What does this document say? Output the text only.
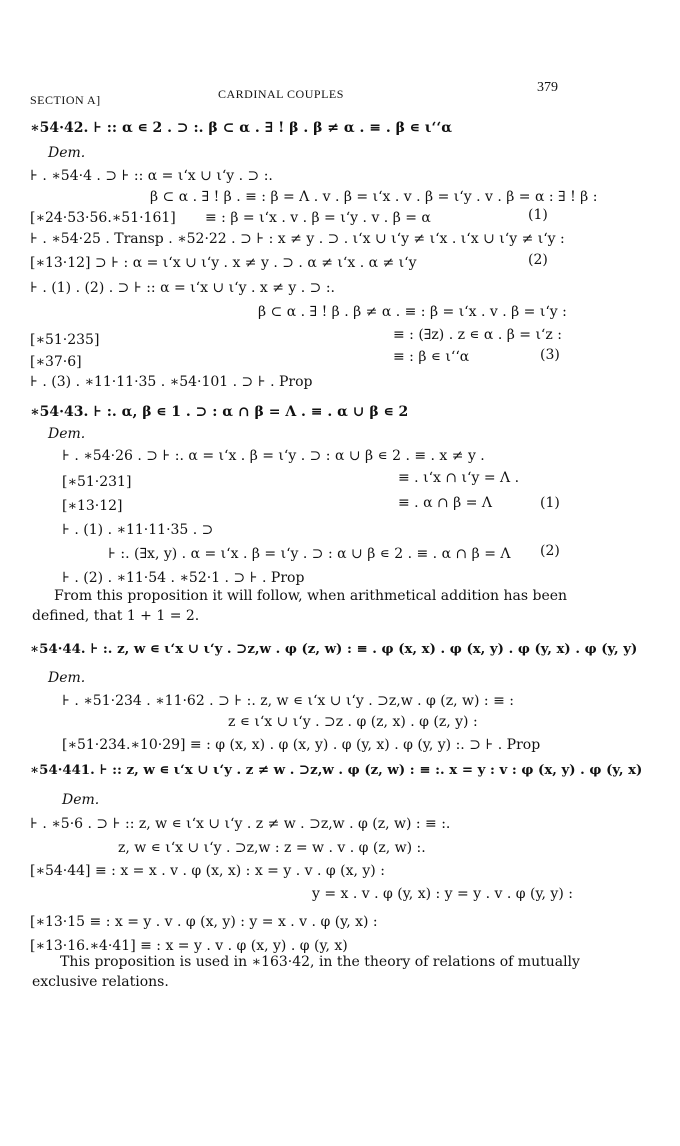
SECTION A]	CARDINAL COUPLES	379
∗54·42. ⊦ :: α ∊ 2 . ⊃ :. β ⊂ α . ∃ ! β . β ≠ α . ≡ . β ∊ ι‘‘α
Dem.
⊦ . ∗54·4 . ⊃ ⊦ :: α = ι‘x ∪ ι‘y . ⊃ :.
β ⊂ α . ∃ ! β . ≡ : β = Λ . v . β = ι‘x . v . β = ι‘y . v . β = α : ∃ ! β :
[∗24·53·56.∗51·161] ≡ : β = ι‘x . v . β = ι‘y . v . β = α	(1)
⊦ . ∗54·25 . Transp . ∗52·22 . ⊃ ⊦ : x ≠ y . ⊃ . ι‘x ∪ ι‘y ≠ ι‘x . ι‘x ∪ ι‘y ≠ ι‘y :
[∗13·12] ⊃ ⊦ : α = ι‘x ∪ ι‘y . x ≠ y . ⊃ . α ≠ ι‘x . α ≠ ι‘y	(2)
⊦ . (1) . (2) . ⊃ ⊦ :: α = ι‘x ∪ ι‘y . x ≠ y . ⊃ :.
β ⊂ α . ∃ ! β . β ≠ α . ≡ : β = ι‘x . v . β = ι‘y :
[∗51·235]	≡ : (∃z) . z ∊ α . β = ι‘z :
[∗37·6]	≡ : β ∊ ι‘‘α	(3)
⊦ . (3) . ∗11·11·35 . ∗54·101 . ⊃ ⊦ . Prop
∗54·43. ⊦ :. α, β ∊ 1 . ⊃ : α ∩ β = Λ . ≡ . α ∪ β ∊ 2
Dem.
⊦ . ∗54·26 . ⊃ ⊦ :. α = ι‘x . β = ι‘y . ⊃ : α ∪ β ∊ 2 . ≡ . x ≠ y .
[∗51·231]	≡ . ι‘x ∩ ι‘y = Λ .
[∗13·12]	≡ . α ∩ β = Λ	(1)
⊦ . (1) . ∗11·11·35 . ⊃
⊦ :. (∃x, y) . α = ι‘x . β = ι‘y . ⊃ : α ∪ β ∊ 2 . ≡ . α ∩ β = Λ (2)
⊦ . (2) . ∗11·54 . ∗52·1 . ⊃ ⊦ . Prop
From this proposition it will follow, when arithmetical addition has been defined, that 1 + 1 = 2.
∗54·44. ⊦ :. z, w ∊ ι‘x ∪ ι‘y . ⊃z,w . φ (z, w) : ≡ . φ (x, x) . φ (x, y) . φ (y, x) . φ (y, y)
Dem.
⊦ . ∗51·234 . ∗11·62 . ⊃ ⊦ :. z, w ∊ ι‘x ∪ ι‘y . ⊃z,w . φ (z, w) : ≡ :
z ∊ ι‘x ∪ ι‘y . ⊃z . φ (z, x) . φ (z, y) :
[∗51·234.∗10·29] ≡ : φ (x, x) . φ (x, y) . φ (y, x) . φ (y, y) :. ⊃ ⊦ . Prop
∗54·441. ⊦ :: z, w ∊ ι‘x ∪ ι‘y . z ≠ w . ⊃z,w . φ (z, w) : ≡ :. x = y : v : φ (x, y) . φ (y, x)
Dem.
⊦ . ∗5·6 . ⊃ ⊦ :: z, w ∊ ι‘x ∪ ι‘y . z ≠ w . ⊃z,w . φ (z, w) : ≡ :.
z, w ∊ ι‘x ∪ ι‘y . ⊃z,w : z = w . v . φ (z, w) :.
[∗54·44] ≡ : x = x . v . φ (x, x) : x = y . v . φ (x, y) :
y = x . v . φ (y, x) : y = y . v . φ (y, y) :
[∗13·15 ≡ : x = y . v . φ (x, y) : y = x . v . φ (y, x) :
[∗13·16.∗4·41] ≡ : x = y . v . φ (x, y) . φ (y, x)
This proposition is used in ∗163·42, in the theory of relations of mutually exclusive relations.
